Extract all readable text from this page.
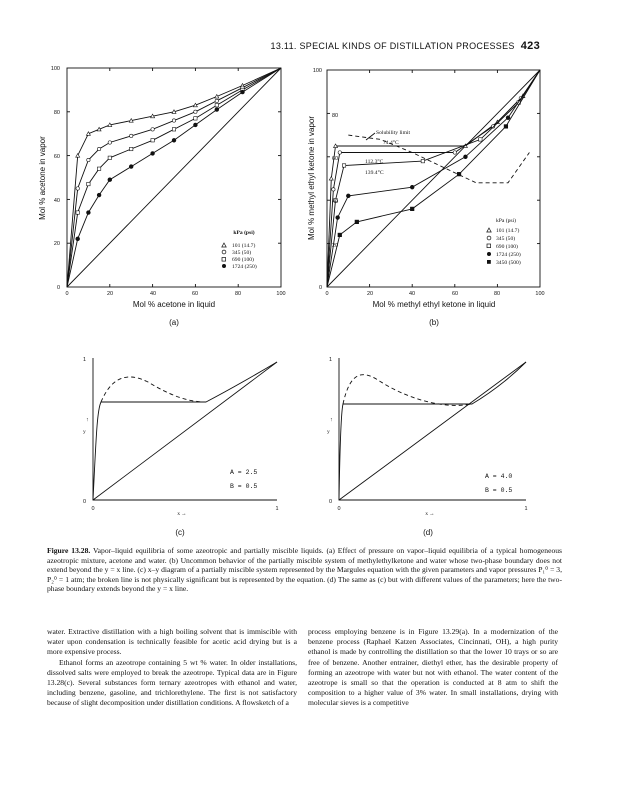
13.11. SPECIAL KINDS OF DISTILLATION PROCESSES 423
100
80
60
40
20
0
0	20	40	60	80	100
Mol % acetone in liquid
Mol % acetone in vapor
kPa (psi)
101 (14.7)
345 (50)
690 (100)
1724 (250)
(a)
100
80
60
40
20
0
0	20	40	60	80	100
Mol % methyl ethyl ketone in liquid
Mol % methyl ethyl ketone in vapor	Solubility limit
74.4°C
112.3°C
139.4°C
kPa (psi)
101 (14.7)
345 (50)
690 (100)
1724 (250)
3450 (500)
(b)
1
0
↑
y
0	1
x →
A = 2.5
B = 0.5
(c)
1
0
↑
y
0	1
x →
A = 4.0
B = 0.5
(d)
Figure 13.28. Vapor–liquid equilibria of some azeotropic and partially miscible liquids. (a) Effect of pressure on vapor–liquid equilibria of a typical homogeneous azeotropic mixture, acetone and water. (b) Uncommon behavior of the partially miscible system of methylethylketone and water whose two-phase boundary does not extend beyond the y = x line. (c) x–y diagram of a partially miscible system represented by the Margules equation with the given parameters and vapor pressures P₁⁰ = 3, P₂⁰ = 1 atm; the broken line is not physically significant but is represented by the equation. (d) The same as (c) but with different values of the parameters; here the two-phase boundary extends beyond the y = x line.

water. Extractive distillation with a high boiling solvent that is immiscible with water upon condensation is technically feasible for acetic acid drying but is a more expensive process.

Ethanol forms an azeotrope containing 5 wt % water. In older installations, dissolved salts were employed to break the azeotrope. Typical data are in Figure 13.28(c). Several substances form ternary azeotropes with ethanol and water, including benzene, gasoline, and trichlorethylene. The first is not satisfactory because of slight decomposition under distillation conditions. A flowsketch of a

process employing benzene is in Figure 13.29(a). In a modernization of the benzene process (Raphael Katzen Associates, Cincinnati, OH), a high purity ethanol is made by controlling the distillation so that the lower 10 trays or so are free of benzene. Another entrainer, diethyl ether, has the desirable property of forming an azeotrope with water but not with ethanol. The water content of the azeotrope is small so that the operation is conducted at 8 atm to shift the composition to a higher value of 3% water. In small installations, drying with molecular sieves is a competitive
